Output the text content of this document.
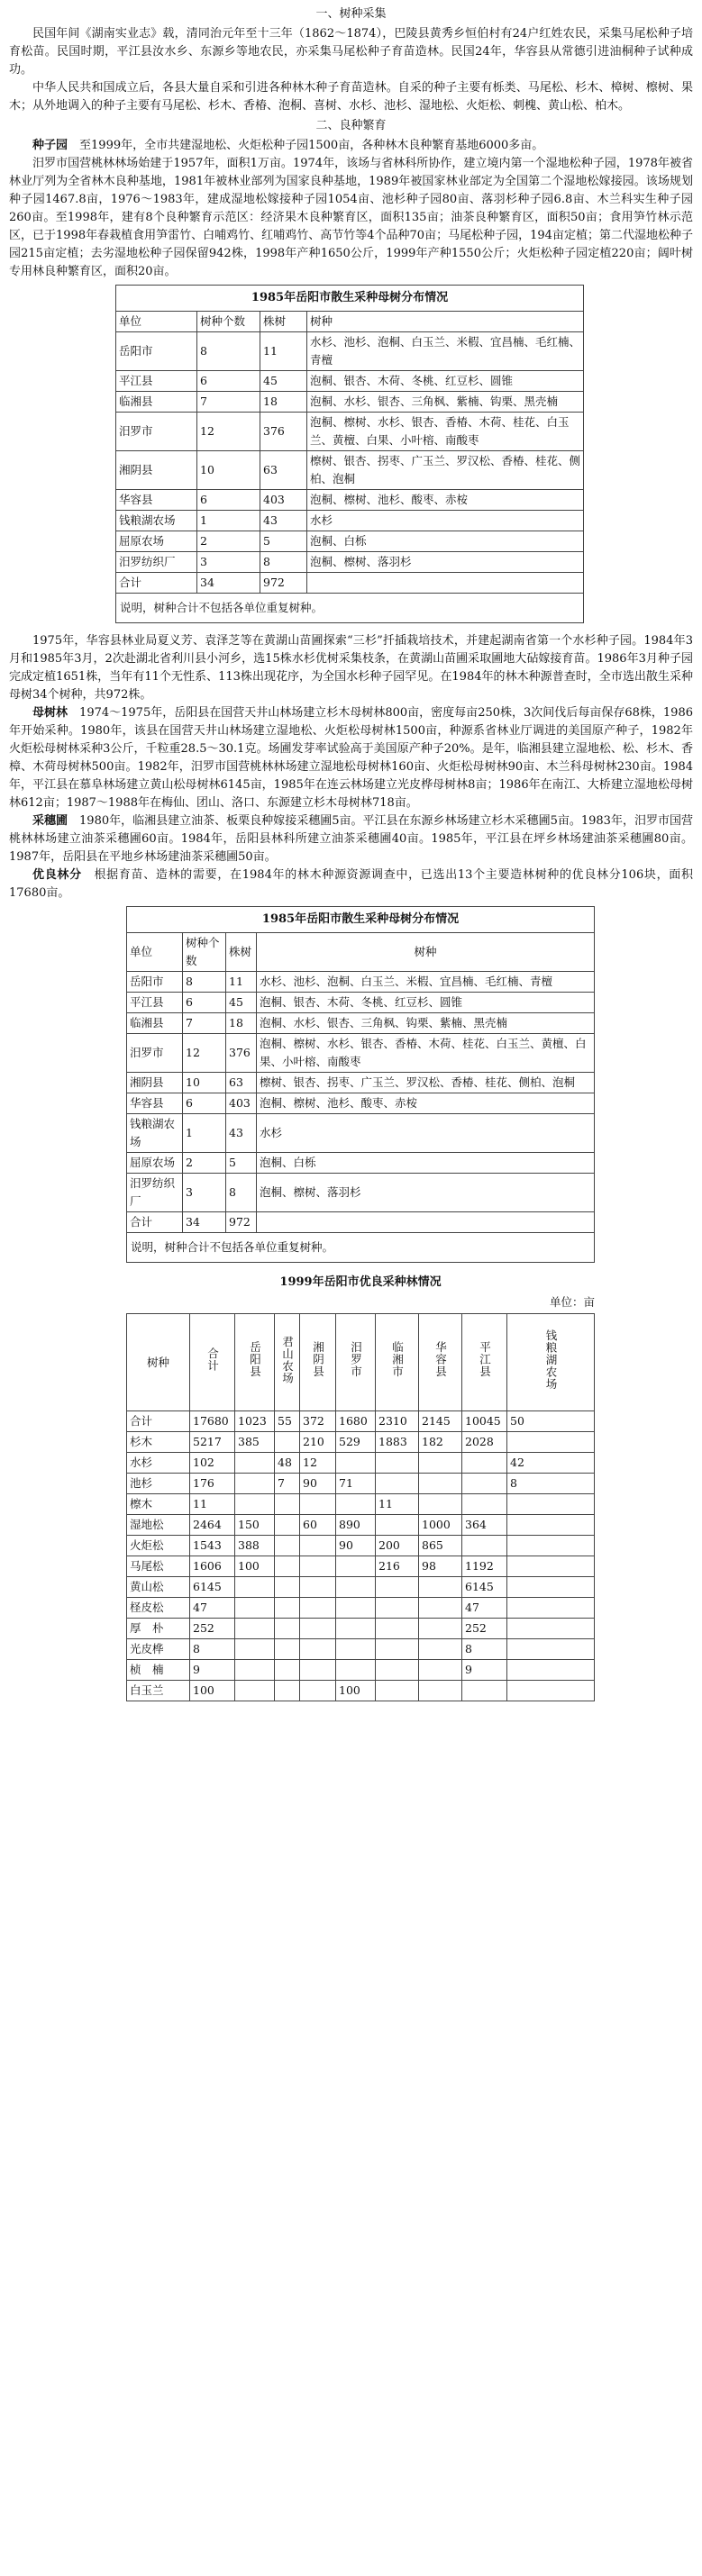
一、树种采集

民国年间《湖南实业志》载，清同治元年至十三年（1862～1874），巴陵县黄秀乡恒伯村有24户红姓农民，采集马尾松种子培育松苗。民国时期，平江县汝水乡、东源乡等地农民，亦采集马尾松种子育苗造林。民国24年，华容县从常德引进油桐种子试种成功。

中华人民共和国成立后，各县大量自采和引进各种林木种子育苗造林。自采的种子主要有栎类、马尾松、杉木、樟树、檫树、果木；从外地调入的种子主要有马尾松、杉木、香椿、泡桐、喜树、水杉、池杉、湿地松、火炬松、刺槐、黄山松、柏木。

二、良种繁育

种子园　 至1999年，全市共建湿地松、火炬松种子园1500亩，各种林木良种繁育基地6000多亩。

汨罗市国营桃林林场始建于1957年，面积1万亩。1974年，该场与省林科所协作，建立境内第一个湿地松种子园，1978年被省林业厅列为全省林木良种基地，1981年被林业部列为国家良种基地，1989年被国家林业部定为全国第二个湿地松嫁接园。该场规划种子园1467.8亩，1976～1983年，建成湿地松嫁接种子园1054亩、池杉种子园80亩、落羽杉种子园6.8亩、木兰科实生种子园260亩。至1998年，建有8个良种繁育示范区：经济果木良种繁育区，面积135亩；油茶良种繁育区，面积50亩；食用笋竹林示范区，已于1998年春栽植食用笋雷竹、白哺鸡竹、红哺鸡竹、高节竹等4个品种70亩；马尾松种子园，194亩定植；第二代湿地松种子园215亩定植；去劣湿地松种子园保留942株，1998年产种1650公斤，1999年产种1550公斤；火炬松种子园定植220亩；阔叶树专用林良种繁育区，面积20亩。

1985年岳阳市散生采种母树分布情况
单位	树种个数	株树	树种
岳阳市	8	11	水杉、池杉、泡桐、白玉兰、米椵、宜昌楠、毛红楠、青檀
平江县	6	45	泡桐、银杏、木荷、冬桃、红豆杉、圆锥
临湘县	7	18	泡桐、水杉、银杏、三角枫、紫楠、钩栗、黑壳楠
汨罗市	12	376	泡桐、檫树、水杉、银杏、香椿、木荷、桂花、白玉兰、黄檀、白果、小叶榕、南酸枣
湘阴县	10	63	檫树、银杏、拐枣、广玉兰、罗汉松、香椿、桂花、侧柏、泡桐
华容县	6	403	泡桐、檫树、池杉、酸枣、赤桉
钱粮湖农场	1	43	水杉
屈原农场	2	5	泡桐、白栎
汨罗纺织厂	3	8	泡桐、檫树、落羽杉
合计	34	972	
说明，树种合计不包括各单位重复树种。			

1975年，华容县林业局夏义芳、袁泽芝等在黄湖山苗圃探索“三杉”扦插栽培技术，并建起湖南省第一个水杉种子园。1984年3月和1985年3月，2次赴湖北省利川县小河乡，选15株水杉优树采集枝条，在黄湖山苗圃采取圃地大砧嫁接育苗。1986年3月种子园完成定植1651株，当年有11个无性系、113株出现花序，为全国水杉种子园罕见。在1984年的林木种源普查时，全市选出散生采种母树34个树种，共972株。

母树林　 1974～1975年，岳阳县在国营天井山林场建立杉木母树林800亩，密度每亩250株，3次间伐后每亩保存68株，1986年开始采种。1980年，该县在国营天井山林场建立湿地松、火炬松母树林1500亩，种源系省林业厅调进的美国原产种子，1982年火炬松母树林采种3公斤，千粒重28.5～30.1克。场圃发芽率试验高于美国原产种子20%。是年，临湘县建立湿地松、松、杉木、香樟、木荷母树林500亩。1982年，汨罗市国营桃林林场建立湿地松母树林160亩、火炬松母树林90亩、木兰科母树林230亩。1984年，平江县在慕阜林场建立黄山松母树林6145亩，1985年在连云林场建立光皮桦母树林8亩；1986年在南江、大桥建立湿地松母树林612亩；1987～1988年在梅仙、团山、洛口、东源建立杉木母树林718亩。

采穗圃　 1980年，临湘县建立油茶、板栗良种嫁接采穗圃5亩。平江县在东源乡林场建立杉木采穗圃5亩。1983年，汨罗市国营桃林林场建立油茶采穗圃60亩。1984年，岳阳县林科所建立油茶采穗圃40亩。1985年，平江县在坪乡林场建油茶采穗圃80亩。1987年，岳阳县在平地乡林场建油茶采穗圃50亩。

优良林分　 根据育苗、造林的需要，在1984年的林木种源资源调查中，已选出13个主要造林树种的优良林分106块，面积17680亩。

1985年岳阳市散生采种母树分布情况
单位	树种个数	株树	树种
岳阳市	8	11	水杉、池杉、泡桐、白玉兰、米椵、宜昌楠、毛红楠、青檀
平江县	6	45	泡桐、银杏、木荷、冬桃、红豆杉、圆锥
临湘县	7	18	泡桐、水杉、银杏、三角枫、钩栗、紫楠、黑壳楠
汨罗市	12	376	泡桐、檫树、水杉、银杏、香椿、木荷、桂花、白玉兰、黄檀、白果、小叶榕、南酸枣
湘阴县	10	63	檫树、银杏、拐枣、广玉兰、罗汉松、香椿、桂花、侧柏、泡桐
华容县	6	403	泡桐、檫树、池杉、酸枣、赤桉
钱粮湖农场	1	43	水杉
屈原农场	2	5	泡桐、白栎
汨罗纺织厂	3	8	泡桐、檫树、落羽杉
合计	34	972	
说明，树种合计不包括各单位重复树种。			
1999年岳阳市优良采种林情况
单位：亩
树种	合计	岳阳县	君山农场	湘阴县	汨罗市	临湘市	华容县	平江县	钱粮湖农场
合计	17680	1023	55	372	1680	2310	2145	10045	50
杉木	5217	385		210	529	1883	182	2028	
水杉	102		48	12					42
池杉	176		7	90	71				8
檫木	11					11			
湿地松	2464	150		60	890		1000	364	
火炬松	1543	388			90	200	865		
马尾松	1606	100				216	98	1192	
黄山松	6145							6145	
柽皮松	47							47	
厚　朴	252							252	
光皮桦	8							8	
桢　楠	9							9	
白玉兰	100				100				
